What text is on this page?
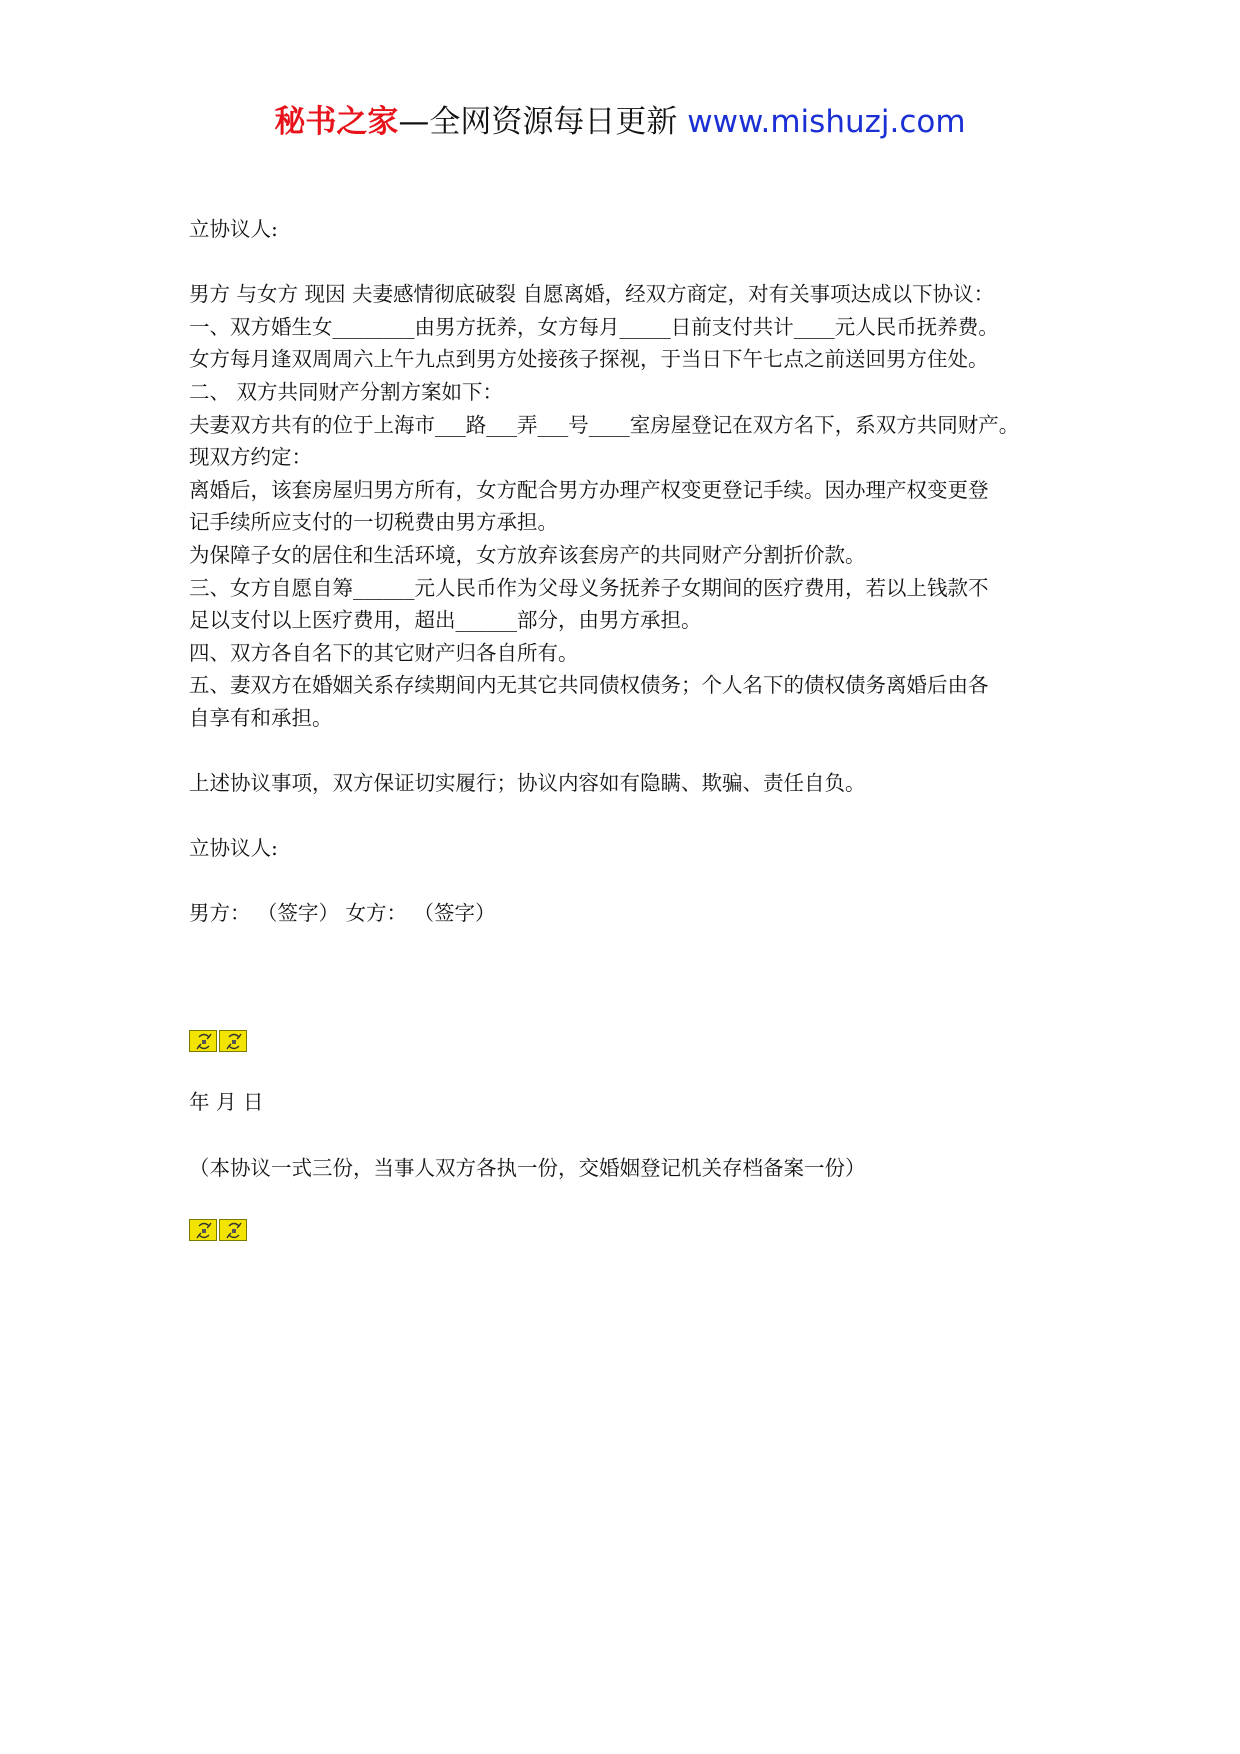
秘书之家—全网资源每日更新 www.mishuzj.com
立协议人:
男方 与女方 现因 夫妻感情彻底破裂 自愿离婚，经双方商定，对有关事项达成以下协议：
一、双方婚生女________由男方抚养，女方每月_____日前支付共计____元人民币抚养费。
女方每月逢双周周六上午九点到男方处接孩子探视，于当日下午七点之前送回男方住处。
二、 双方共同财产分割方案如下：
夫妻双方共有的位于上海市___路___弄___号____室房屋登记在双方名下，系双方共同财产。
现双方约定：
离婚后，该套房屋归男方所有，女方配合男方办理产权变更登记手续。因办理产权变更登
记手续所应支付的一切税费由男方承担。
为保障子女的居住和生活环境，女方放弃该套房产的共同财产分割折价款。
三、女方自愿自筹______元人民币作为父母义务抚养子女期间的医疗费用，若以上钱款不
足以支付以上医疗费用，超出______部分，由男方承担。
四、双方各自名下的其它财产归各自所有。
五、妻双方在婚姻关系存续期间内无其它共同债权债务；个人名下的债权债务离婚后由各
自享有和承担。
上述协议事项，双方保证切实履行；协议内容如有隐瞒、欺骗、责任自负。
立协议人:
男方： （签字） 女方： （签字）
年 月 日
（本协议一式三份，当事人双方各执一份，交婚姻登记机关存档备案一份）
